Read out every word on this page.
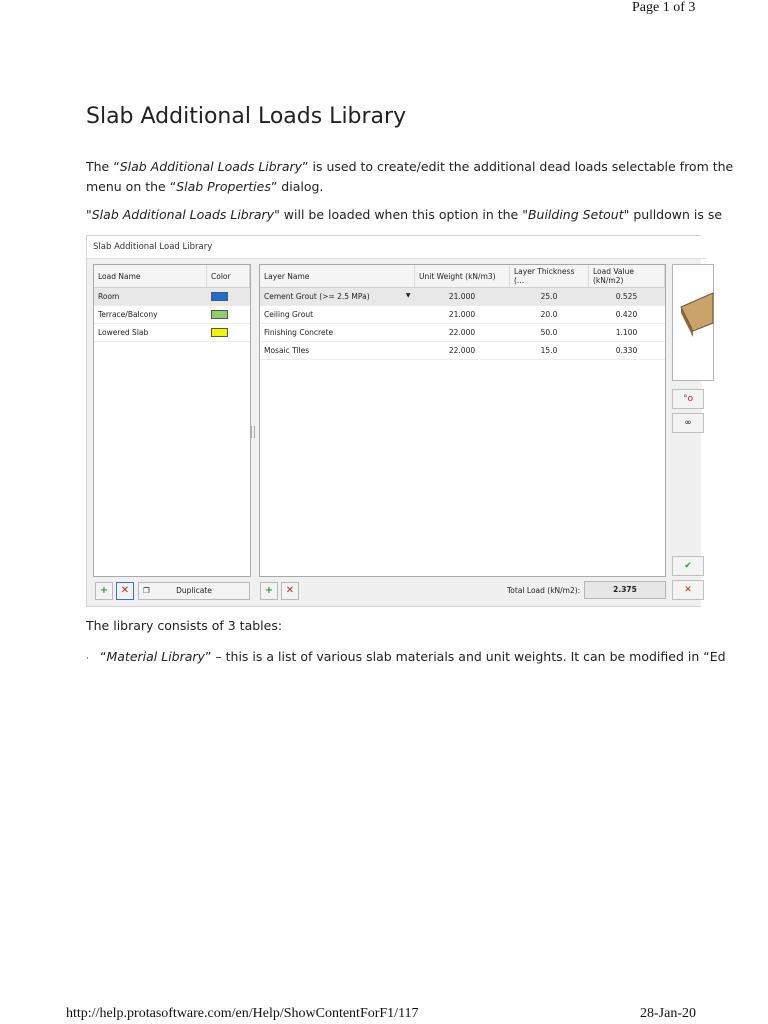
Page 1 of 3
Slab Additional Loads Library
The “Slab Additional Loads Library” is used to create/edit the additional dead loads selectable from the
menu on the “Slab Properties” dialog.
"Slab Additional Loads Library" will be loaded when this option in the "Building Setout" pulldown is se
Slab Additional Load Library
Load Name	Color
Room	
Terrace/Balcony	
Lowered Slab	
Layer Name	Unit Weight (kN/m3)	Layer Thickness (...	Load Value (kN/m2)
Cement Grout (>= 2.5 MPa) ▼	21.000	25.0	0.525
Ceiling Grout	21.000	20.0	0.420
Finishing Concrete	22.000	50.0	1.100
Mosaic Tiles	22.000	15.0	0.330
°o
∞
✔
✕
+	✕	❐	Duplicate	+	✕	Total Load (kN/m2):	2.375
The library consists of 3 tables:
· “Material Library” – this is a list of various slab materials and unit weights. It can be modified in “Ed
http://help.protasoftware.com/en/Help/ShowContentForF1/117	28-Jan-20
